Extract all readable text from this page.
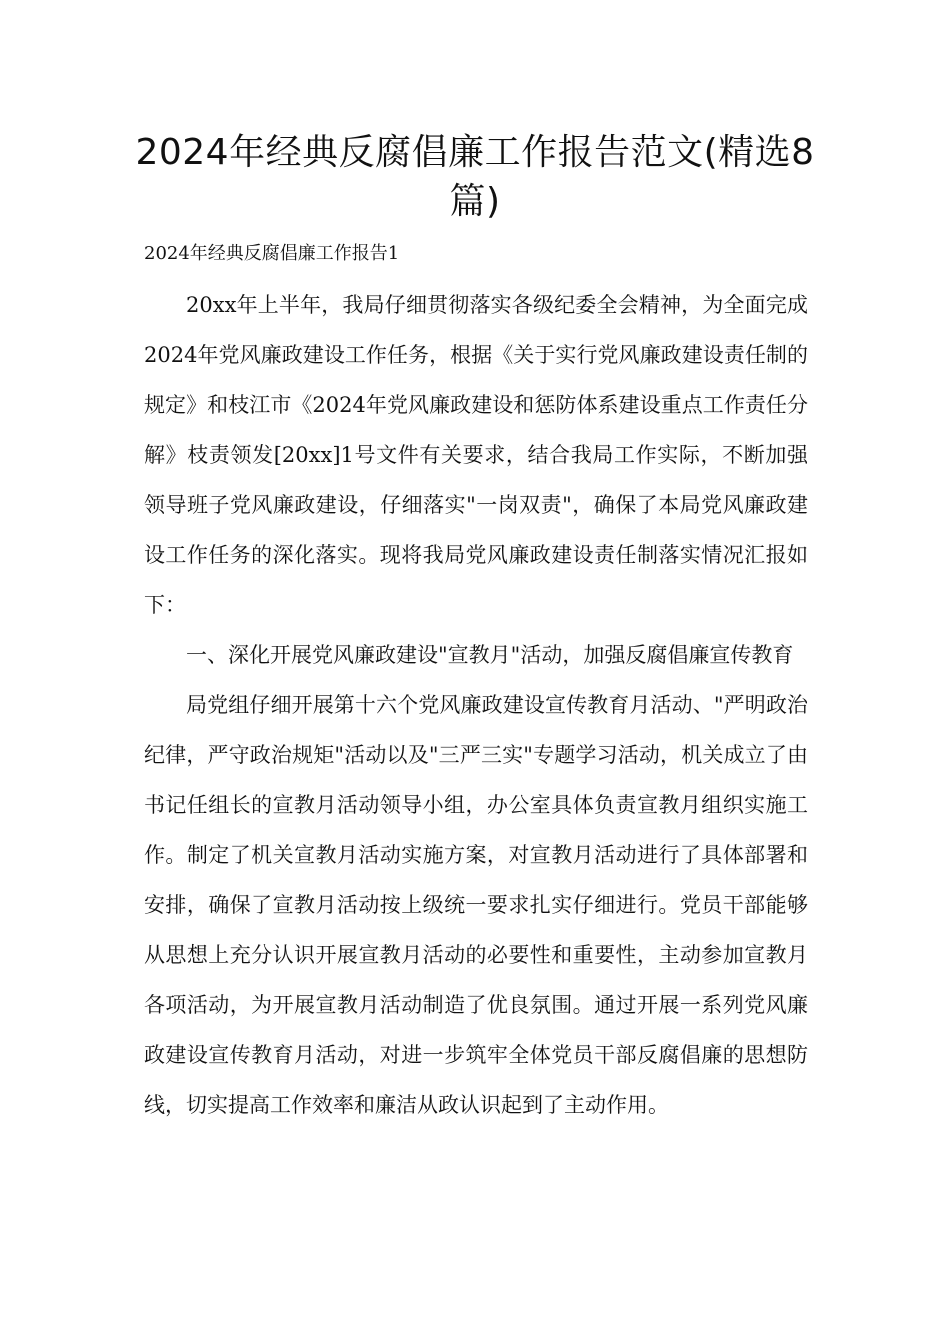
2024年经典反腐倡廉工作报告范文(精选8篇)
2024年经典反腐倡廉工作报告1

20xx年上半年，我局仔细贯彻落实各级纪委全会精神，为全面完成2024年党风廉政建设工作任务，根据《关于实行党风廉政建设责任制的规定》和枝江市《2024年党风廉政建设和惩防体系建设重点工作责任分解》枝责领发[20xx]1号文件有关要求，结合我局工作实际，不断加强领导班子党风廉政建设，仔细落实"一岗双责"，确保了本局党风廉政建设工作任务的深化落实。现将我局党风廉政建设责任制落实情况汇报如下：

一、深化开展党风廉政建设"宣教月"活动，加强反腐倡廉宣传教育

局党组仔细开展第十六个党风廉政建设宣传教育月活动、"严明政治纪律，严守政治规矩"活动以及"三严三实"专题学习活动，机关成立了由书记任组长的宣教月活动领导小组，办公室具体负责宣教月组织实施工作。制定了机关宣教月活动实施方案，对宣教月活动进行了具体部署和安排，确保了宣教月活动按上级统一要求扎实仔细进行。党员干部能够从思想上充分认识开展宣教月活动的必要性和重要性，主动参加宣教月各项活动，为开展宣教月活动制造了优良氛围。通过开展一系列党风廉政建设宣传教育月活动，对进一步筑牢全体党员干部反腐倡廉的思想防线，切实提高工作效率和廉洁从政认识起到了主动作用。
